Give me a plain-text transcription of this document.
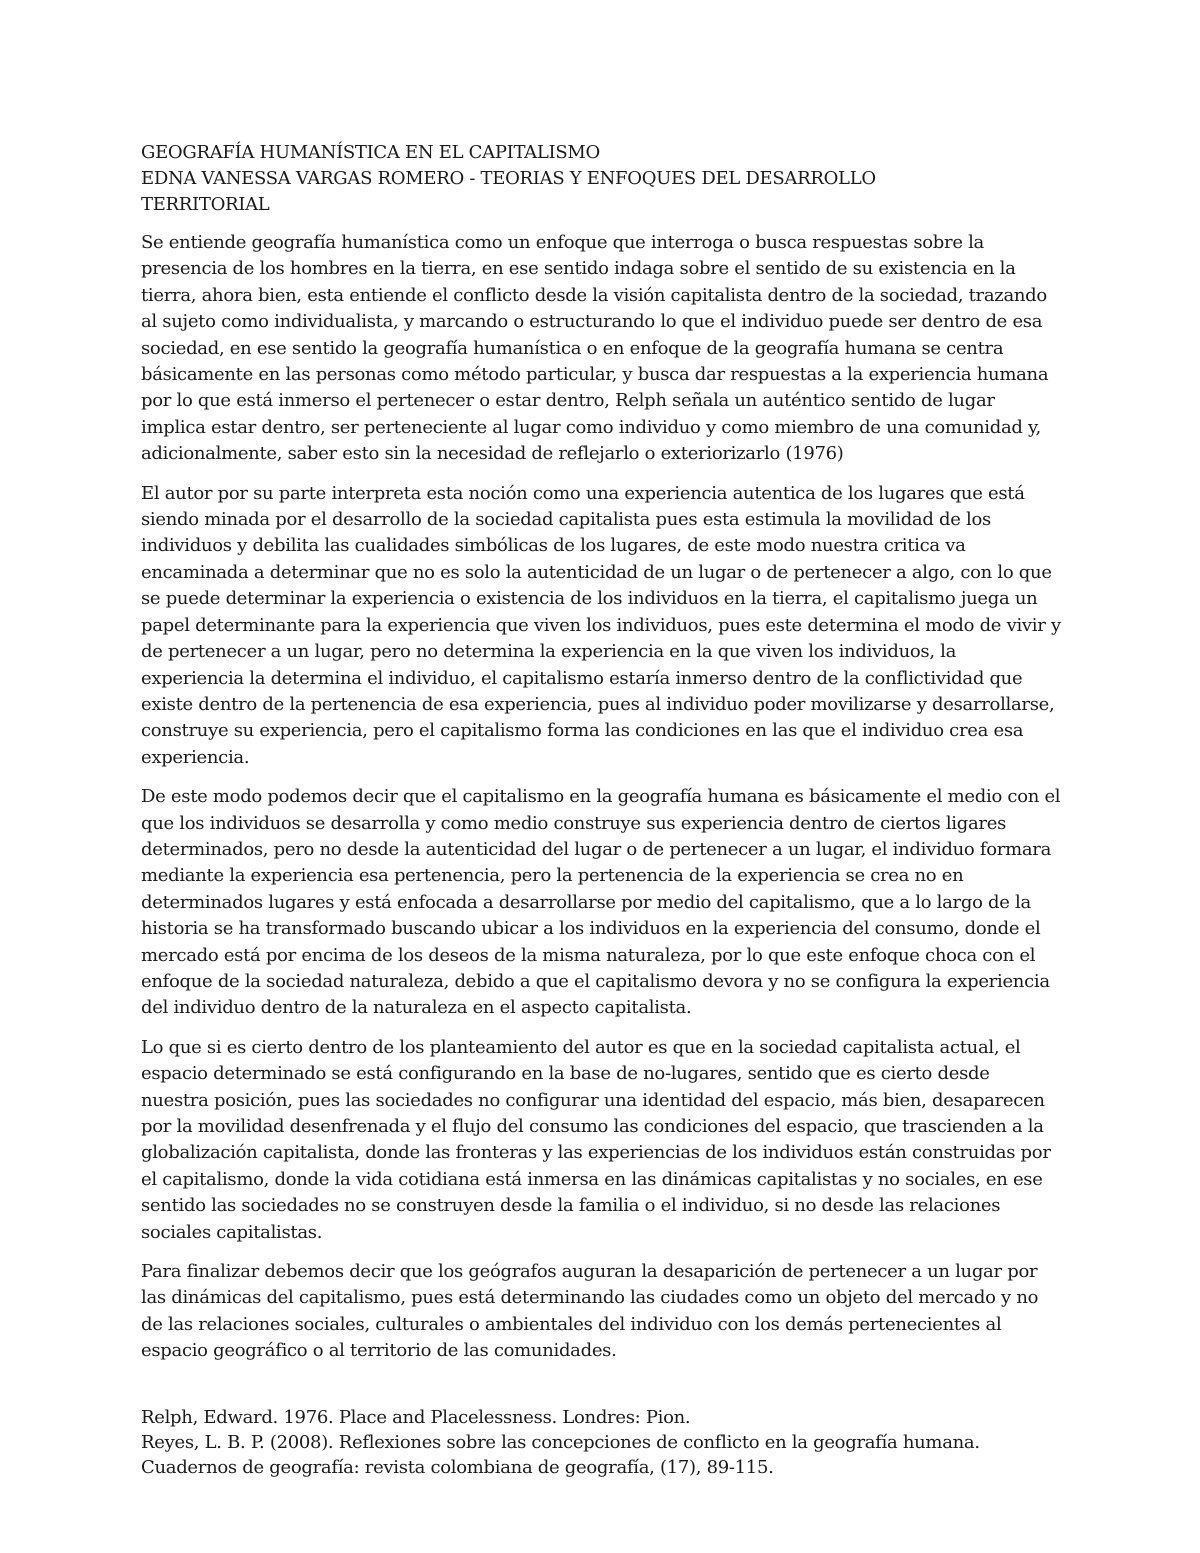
GEOGRAFÍA HUMANÍSTICA EN EL CAPITALISMO
EDNA VANESSA VARGAS ROMERO - TEORIAS Y ENFOQUES DEL DESARROLLO
TERRITORIAL

Se entiende geografía humanística como un enfoque que interroga o busca respuestas sobre la presencia de los hombres en la tierra, en ese sentido indaga sobre el sentido de su existencia en la tierra, ahora bien, esta entiende el conflicto desde la visión capitalista dentro de la sociedad, trazando al sujeto como individualista, y marcando o estructurando lo que el individuo puede ser dentro de esa sociedad, en ese sentido la geografía humanística o en enfoque de la geografía humana se centra básicamente en las personas como método particular, y busca dar respuestas a la experiencia humana por lo que está inmerso el pertenecer o estar dentro, Relph señala un auténtico sentido de lugar implica estar dentro, ser perteneciente al lugar como individuo y como miembro de una comunidad y, adicionalmente, saber esto sin la necesidad de reflejarlo o exteriorizarlo (1976)

El autor por su parte interpreta esta noción como una experiencia autentica de los lugares que está siendo minada por el desarrollo de la sociedad capitalista pues esta estimula la movilidad de los individuos y debilita las cualidades simbólicas de los lugares, de este modo nuestra critica va encaminada a determinar que no es solo la autenticidad de un lugar o de pertenecer a algo, con lo que se puede determinar la experiencia o existencia de los individuos en la tierra, el capitalismo juega un papel determinante para la experiencia que viven los individuos, pues este determina el modo de vivir y de pertenecer a un lugar, pero no determina la experiencia en la que viven los individuos, la experiencia la determina el individuo, el capitalismo estaría inmerso dentro de la conflictividad que existe dentro de la pertenencia de esa experiencia, pues al individuo poder movilizarse y desarrollarse, construye su experiencia, pero el capitalismo forma las condiciones en las que el individuo crea esa experiencia.

De este modo podemos decir que el capitalismo en la geografía humana es básicamente el medio con el que los individuos se desarrolla y como medio construye sus experiencia dentro de ciertos ligares determinados, pero no desde la autenticidad del lugar o de pertenecer a un lugar, el individuo formara mediante la experiencia esa pertenencia, pero la pertenencia de la experiencia se crea no en determinados lugares y está enfocada a desarrollarse por medio del capitalismo, que a lo largo de la historia se ha transformado buscando ubicar a los individuos en la experiencia del consumo, donde el mercado está por encima de los deseos de la misma naturaleza, por lo que este enfoque choca con el enfoque de la sociedad naturaleza, debido a que el capitalismo devora y no se configura la experiencia del individuo dentro de la naturaleza en el aspecto capitalista.

Lo que si es cierto dentro de los planteamiento del autor es que en la sociedad capitalista actual, el espacio determinado se está configurando en la base de no-lugares, sentido que es cierto desde nuestra posición, pues las sociedades no configurar una identidad del espacio, más bien, desaparecen por la movilidad desenfrenada y el flujo del consumo las condiciones del espacio, que trascienden a la globalización capitalista, donde las fronteras y las experiencias de los individuos están construidas por el capitalismo, donde la vida cotidiana está inmersa en las dinámicas capitalistas y no sociales, en ese sentido las sociedades no se construyen desde la familia o el individuo, si no desde las relaciones sociales capitalistas.

Para finalizar debemos decir que los geógrafos auguran la desaparición de pertenecer a un lugar por las dinámicas del capitalismo, pues está determinando las ciudades como un objeto del mercado y no de las relaciones sociales, culturales o ambientales del individuo con los demás pertenecientes al espacio geográfico o al territorio de las comunidades.

Relph, Edward. 1976. Place and Placelessness. Londres: Pion.
Reyes, L. B. P. (2008). Reflexiones sobre las concepciones de conflicto en la geografía humana.
Cuadernos de geografía: revista colombiana de geografía, (17), 89-115.
